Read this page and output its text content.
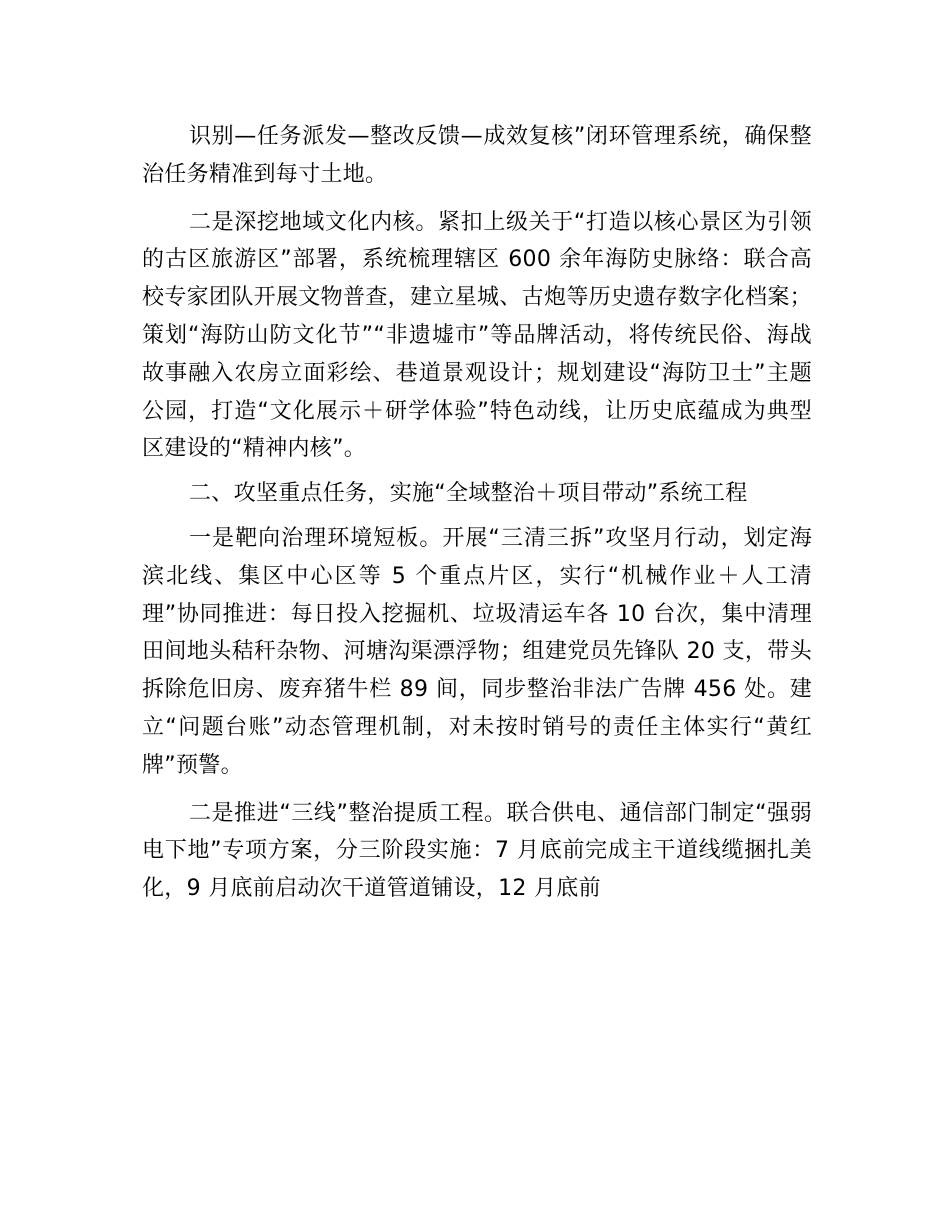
识别—任务派发—整改反馈—成效复核”闭环管理系统，确保整治任务精准到每寸土地。

二是深挖地域文化内核。紧扣上级关于“打造以核心景区为引领的古区旅游区”部署，系统梳理辖区 600 余年海防史脉络：联合高校专家团队开展文物普查，建立星城、古炮等历史遗存数字化档案；策划“海防山防文化节”“非遗墟市”等品牌活动，将传统民俗、海战故事融入农房立面彩绘、巷道景观设计；规划建设“海防卫士”主题公园，打造“文化展示＋研学体验”特色动线，让历史底蕴成为典型区建设的“精神内核”。

二、攻坚重点任务，实施“全域整治＋项目带动”系统工程

一是靶向治理环境短板。开展“三清三拆”攻坚月行动，划定海滨北线、集区中心区等 5 个重点片区，实行“机械作业＋人工清理”协同推进：每日投入挖掘机、垃圾清运车各 10 台次，集中清理田间地头秸秆杂物、河塘沟渠漂浮物；组建党员先锋队 20 支，带头拆除危旧房、废弃猪牛栏 89 间，同步整治非法广告牌 456 处。建立“问题台账”动态管理机制，对未按时销号的责任主体实行“黄红牌”预警。

二是推进“三线”整治提质工程。联合供电、通信部门制定“强弱电下地”专项方案，分三阶段实施：7 月底前完成主干道线缆捆扎美化，9 月底前启动次干道管道铺设，12 月底前
